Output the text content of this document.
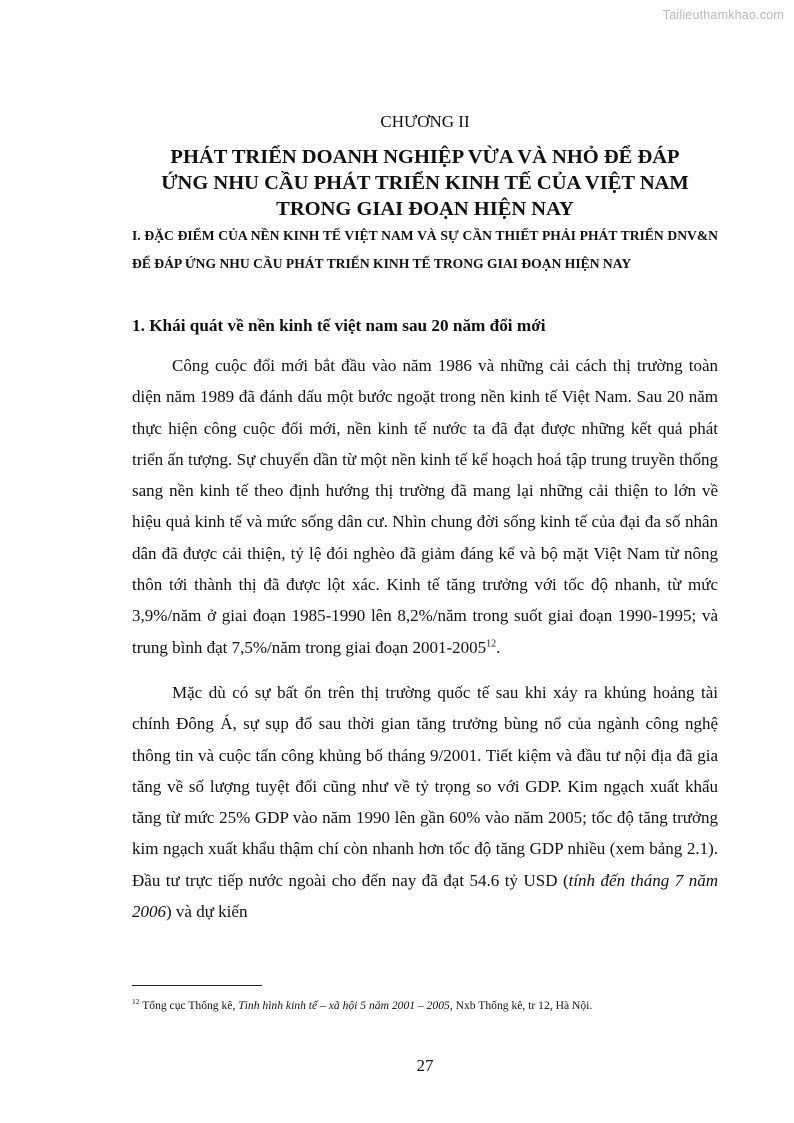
Tailieuthamkhao.com
CHƯƠNG II
PHÁT TRIỂN DOANH NGHIỆP VỪA VÀ NHỎ ĐỂ ĐÁP
ỨNG NHU CẦU PHÁT TRIỂN KINH TẾ CỦA VIỆT NAM
TRONG GIAI ĐOẠN HIỆN NAY
I. ĐẶC ĐIỂM CỦA NỀN KINH TẾ VIỆT NAM VÀ SỰ CẦN THIẾT PHẢI PHÁT TRIỂN DNV&N ĐỂ ĐÁP ỨNG NHU CẦU PHÁT TRIỂN KINH TẾ TRONG GIAI ĐOẠN HIỆN NAY
1. Khái quát về nền kinh tế việt nam sau 20 năm đổi mới

Công cuộc đổi mới bắt đầu vào năm 1986 và những cải cách thị trường toàn diện năm 1989 đã đánh dấu một bước ngoặt trong nền kinh tế Việt Nam. Sau 20 năm thực hiện công cuộc đổi mới, nền kinh tế nước ta đã đạt được những kết quả phát triển ấn tượng. Sự chuyển dần từ một nền kinh tế kế hoạch hoá tập trung truyền thống sang nền kinh tế theo định hướng thị trường đã mang lại những cải thiện to lớn về hiệu quả kinh tế và mức sống dân cư. Nhìn chung đời sống kinh tế của đại đa số nhân dân đã được cải thiện, tỷ lệ đói nghèo đã giảm đáng kể và bộ mặt Việt Nam từ nông thôn tới thành thị đã được lột xác. Kinh tế tăng trưởng với tốc độ nhanh, từ mức 3,9%/năm ở giai đoạn 1985-1990 lên 8,2%/năm trong suốt giai đoạn 1990-1995; và trung bình đạt 7,5%/năm trong giai đoạn 2001-2005$^{12}$.

Mặc dù có sự bất ổn trên thị trường quốc tế sau khi xảy ra khủng hoảng tài chính Đông Á, sự sụp đổ sau thời gian tăng trưởng bùng nổ của ngành công nghệ thông tin và cuộc tấn công khủng bố tháng 9/2001. Tiết kiệm và đầu tư nội địa đã gia tăng về số lượng tuyệt đối cũng như về tỷ trọng so với GDP. Kim ngạch xuất khẩu tăng từ mức 25% GDP vào năm 1990 lên gần 60% vào năm 2005; tốc độ tăng trưởng kim ngạch xuất khẩu thậm chí còn nhanh hơn tốc độ tăng GDP nhiều (xem bảng 2.1). Đầu tư trực tiếp nước ngoài cho đến nay đã đạt 54.6 tỷ USD (tính đến tháng 7 năm 2006) và dự kiến

$^{12}$ Tổng cục Thống kê, Tình hình kinh tế – xã hội 5 năm 2001 – 2005, Nxb Thống kê, tr 12, Hà Nội.
27
